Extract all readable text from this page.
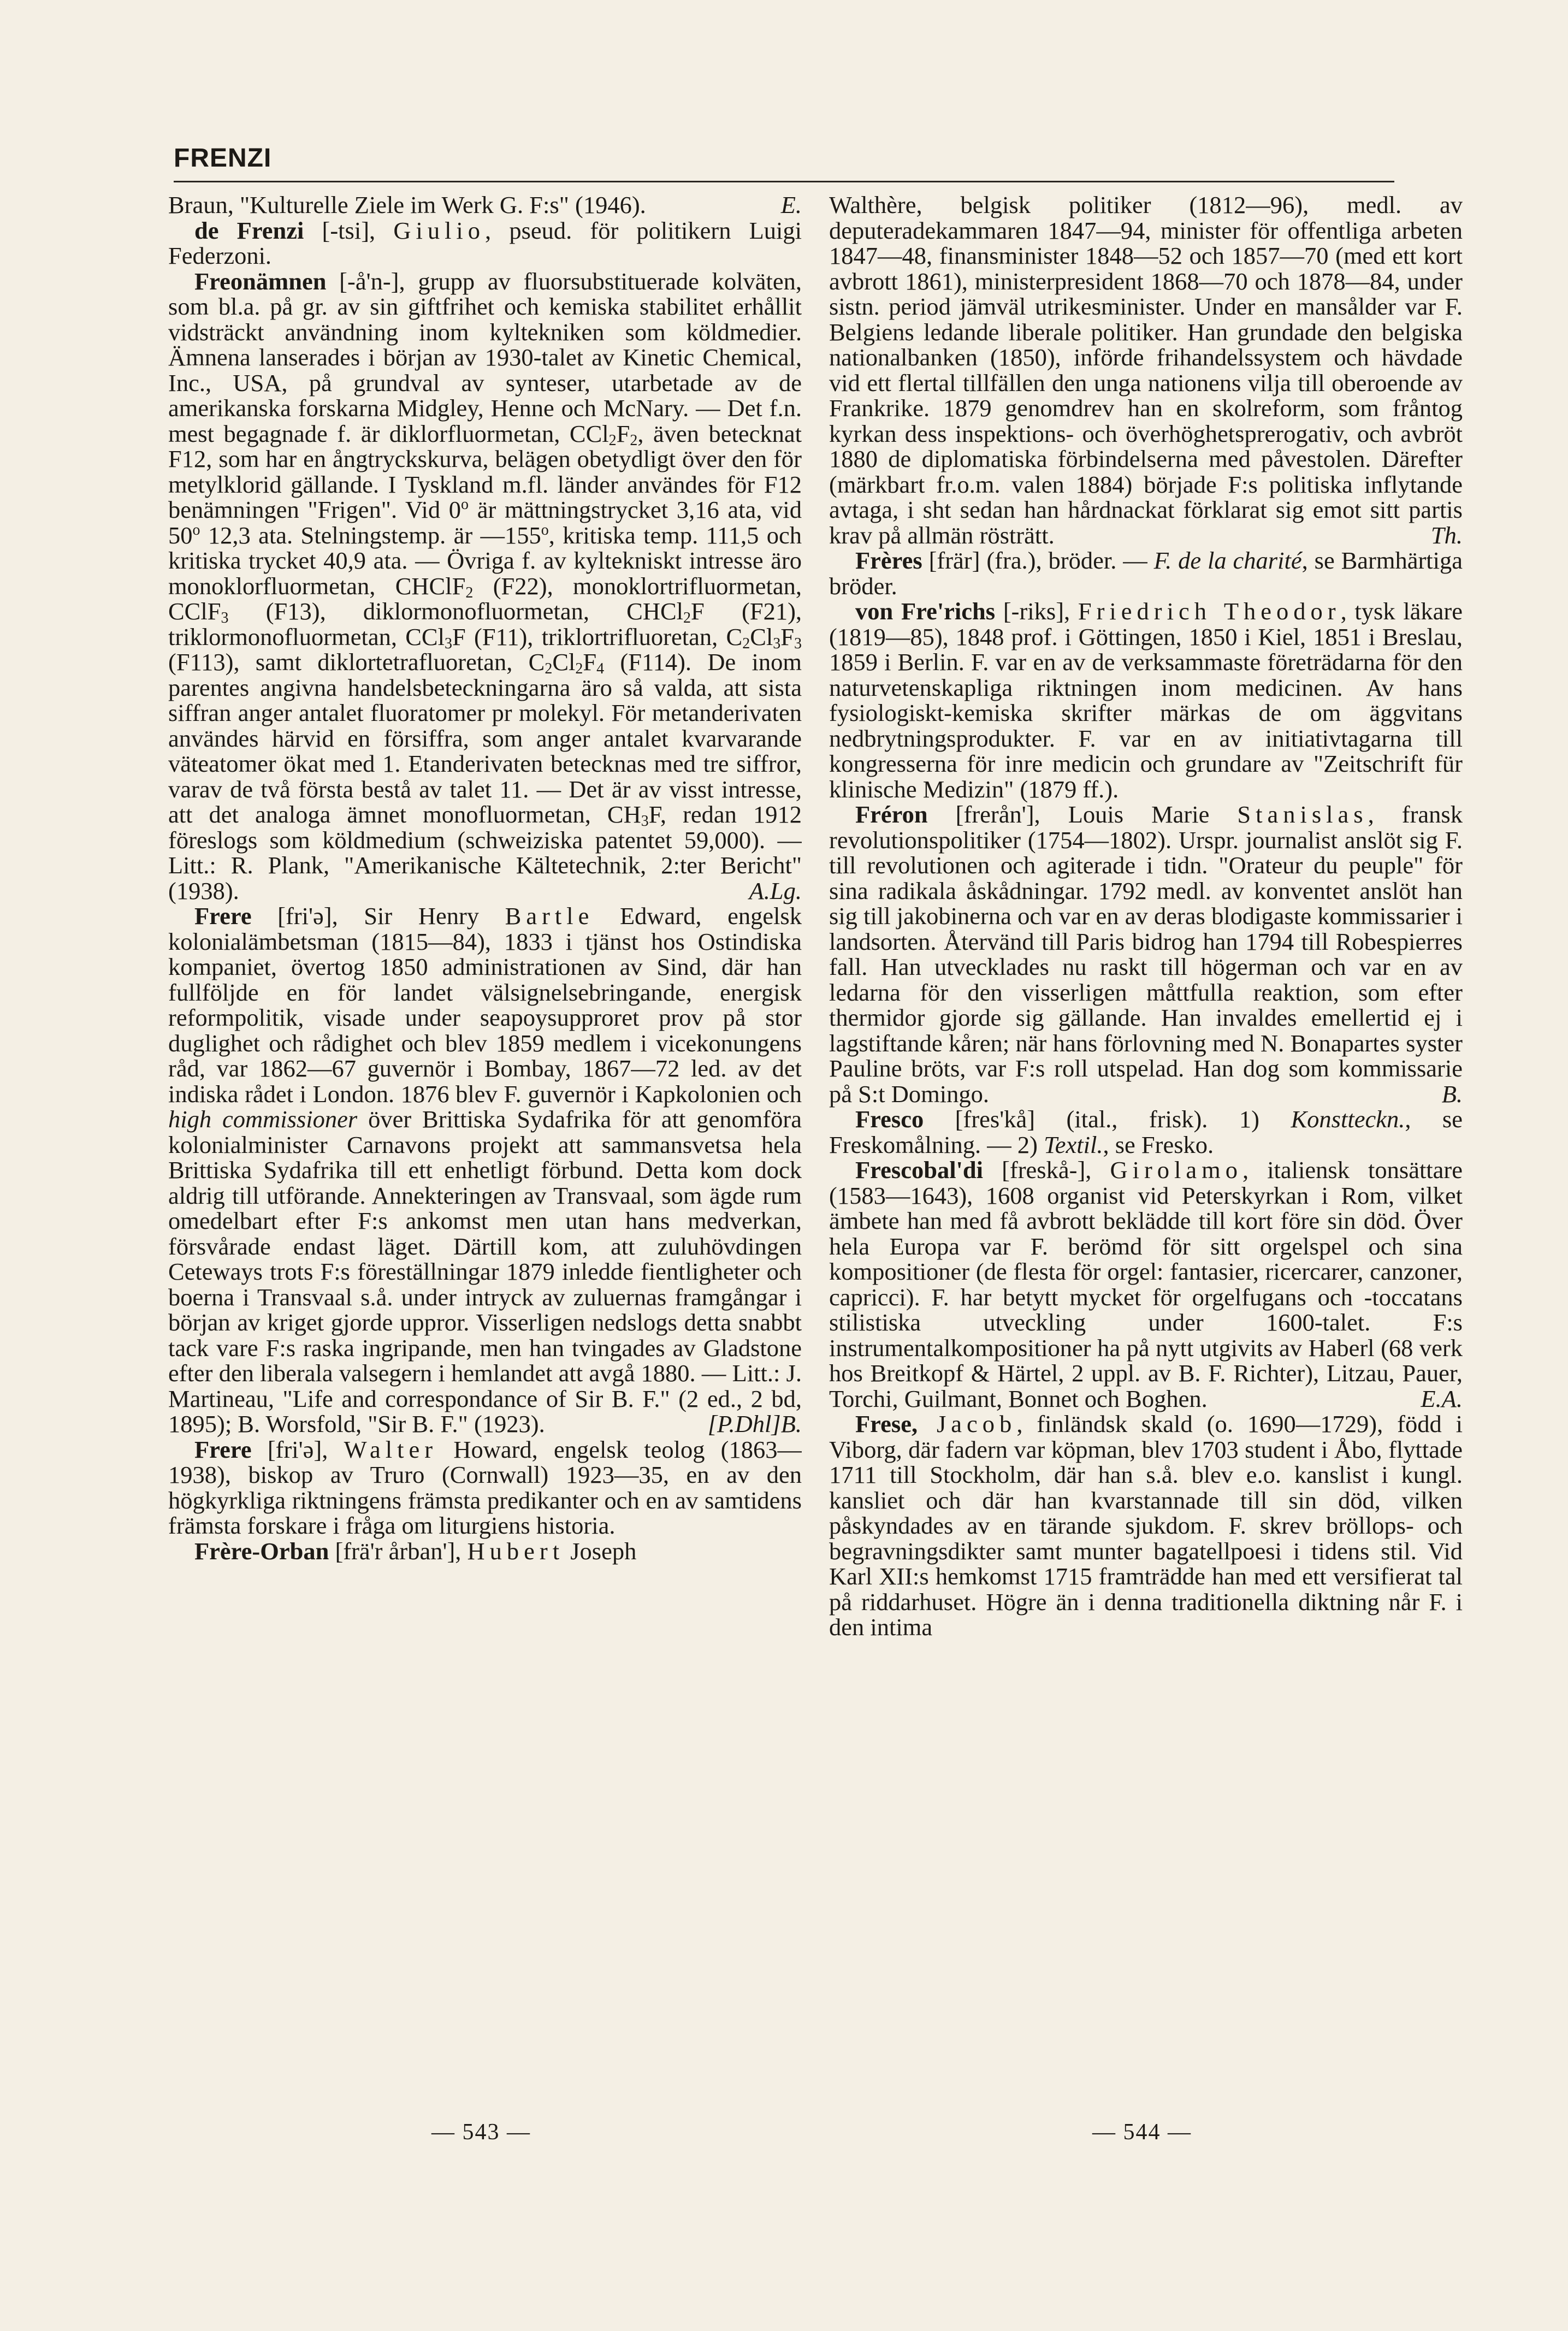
FRENZI

Braun, "Kulturelle Ziele im Werk G. F:s" (1946).	E.

de Frenzi [-tsi], Giulio, pseud. för politikern Luigi Federzoni.

Freonämnen [-å'n-], grupp av fluorsubstituerade kolväten, som bl.a. på gr. av sin giftfrihet och kemiska stabilitet erhållit vidsträckt användning inom kyltekniken som köldmedier. Ämnena lanserades i början av 1930-talet av Kinetic Chemical, Inc., USA, på grundval av synteser, utarbetade av de amerikanska forskarna Midgley, Henne och McNary. — Det f.n. mest begagnade f. är diklorfluormetan, $CCl_2F_2$, även betecknat F12, som har en ångtryckskurva, belägen obetydligt över den för metylklorid gällande. I Tyskland m.fl. länder användes för F12 benämningen "Frigen". Vid 0$^o$ är mättningstrycket 3,16 ata, vid 50$^o$ 12,3 ata. Stelningstemp. är —155$^o$, kritiska temp. 111,5 och kritiska trycket 40,9 ata. — Övriga f. av kyltekniskt intresse äro monoklorfluormetan, CHClF$_2$ (F22), monoklortrifluormetan, CClF$_3$ (F13), diklormonofluormetan, CHCl$_2$F (F21), triklormonofluormetan, CCl$_3$F (F11), triklortrifluoretan, $C_2Cl_3F_3$ (F113), samt diklortetrafluoretan, $C_2Cl_2F_4$ (F114). De inom parentes angivna handelsbeteckningarna äro så valda, att sista siffran anger antalet fluoratomer pr molekyl. För metanderivaten användes härvid en försiffra, som anger antalet kvarvarande väteatomer ökat med 1. Etanderivaten betecknas med tre siffror, varav de två första bestå av talet 11. — Det är av visst intresse, att det analoga ämnet monofluormetan, $CH_3F$, redan 1912 föreslogs som köldmedium (schweiziska patentet 59,000). — Litt.: R. Plank, "Amerikanische Kältetechnik, 2:ter Bericht" (1938).	A.Lg.

Frere [fri'ə], Sir Henry Bartle Edward, engelsk kolonialämbetsman (1815—84), 1833 i tjänst hos Ostindiska kompaniet, övertog 1850 administrationen av Sind, där han fullföljde en för landet välsignelsebringande, energisk reformpolitik, visade under seapoysupproret prov på stor duglighet och rådighet och blev 1859 medlem i vicekonungens råd, var 1862—67 guvernör i Bombay, 1867—72 led. av det indiska rådet i London. 1876 blev F. guvernör i Kapkolonien och high commissioner över Brittiska Sydafrika för att genomföra kolonialminister Carnavons projekt att sammansvetsa hela Brittiska Sydafrika till ett enhetligt förbund. Detta kom dock aldrig till utförande. Annekteringen av Transvaal, som ägde rum omedelbart efter F:s ankomst men utan hans medverkan, försvårade endast läget. Därtill kom, att zuluhövdingen Ceteways trots F:s föreställningar 1879 inledde fientligheter och boerna i Transvaal s.å. under intryck av zuluernas framgångar i början av kriget gjorde uppror. Visserligen nedslogs detta snabbt tack vare F:s raska ingripande, men han tvingades av Gladstone efter den liberala valsegern i hemlandet att avgå 1880. — Litt.: J. Martineau, "Life and correspondance of Sir B. F." (2 ed., 2 bd, 1895); B. Worsfold, "Sir B. F." (1923).	[P.Dhl]B.

Frere [fri'ə], Walter Howard, engelsk teolog (1863—1938), biskop av Truro (Cornwall) 1923—35, en av den högkyrkliga riktningens främsta predikanter och en av samtidens främsta forskare i fråga om liturgiens historia.

Frère-Orban [frä'r årban'], Hubert Joseph

Walthère, belgisk politiker (1812—96), medl. av deputeradekammaren 1847—94, minister för offentliga arbeten 1847—48, finansminister 1848—52 och 1857—70 (med ett kort avbrott 1861), ministerpresident 1868—70 och 1878—84, under sistn. period jämväl utrikesminister. Under en mansålder var F. Belgiens ledande liberale politiker. Han grundade den belgiska nationalbanken (1850), införde frihandelssystem och hävdade vid ett flertal tillfällen den unga nationens vilja till oberoende av Frankrike. 1879 genomdrev han en skolreform, som fråntog kyrkan dess inspektions- och överhöghetsprerogativ, och avbröt 1880 de diplomatiska förbindelserna med påvestolen. Därefter (märkbart fr.o.m. valen 1884) började F:s politiska inflytande avtaga, i sht sedan han hårdnackat förklarat sig emot sitt partis krav på allmän rösträtt.	Th.

Frères [frär] (fra.), bröder. — F. de la charité, se Barmhärtiga bröder.

von Fre'richs [-riks], Friedrich Theodor, tysk läkare (1819—85), 1848 prof. i Göttingen, 1850 i Kiel, 1851 i Breslau, 1859 i Berlin. F. var en av de verksammaste företrädarna för den naturvetenskapliga riktningen inom medicinen. Av hans fysiologiskt-kemiska skrifter märkas de om äggvitans nedbrytningsprodukter. F. var en av initiativtagarna till kongresserna för inre medicin och grundare av "Zeitschrift für klinische Medizin" (1879 ff.).

Fréron [frerån'], Louis Marie Stanislas, fransk revolutionspolitiker (1754—1802). Urspr. journalist anslöt sig F. till revolutionen och agiterade i tidn. "Orateur du peuple" för sina radikala åskådningar. 1792 medl. av konventet anslöt han sig till jakobinerna och var en av deras blodigaste kommissarier i landsorten. Återvänd till Paris bidrog han 1794 till Robespierres fall. Han utvecklades nu raskt till högerman och var en av ledarna för den visserligen måttfulla reaktion, som efter thermidor gjorde sig gällande. Han invaldes emellertid ej i lagstiftande kåren; när hans förlovning med N. Bonapartes syster Pauline bröts, var F:s roll utspelad. Han dog som kommissarie på S:t Domingo.	B.

Fresco [fres'kå] (ital., frisk). 1) Konstteckn., se Freskomålning. — 2) Textil., se Fresko.

Frescobal'di [freskå-], Girolamo, italiensk tonsättare (1583—1643), 1608 organist vid Peterskyrkan i Rom, vilket ämbete han med få avbrott beklädde till kort före sin död. Över hela Europa var F. berömd för sitt orgelspel och sina kompositioner (de flesta för orgel: fantasier, ricercarer, canzoner, capricci). F. har betytt mycket för orgelfugans och -toccatans stilistiska utveckling under 1600-talet. F:s instrumentalkompositioner ha på nytt utgivits av Haberl (68 verk hos Breitkopf & Härtel, 2 uppl. av B. F. Richter), Litzau, Pauer, Torchi, Guilmant, Bonnet och Boghen.	E.A.

Frese, Jacob, finländsk skald (o. 1690—1729), född i Viborg, där fadern var köpman, blev 1703 student i Åbo, flyttade 1711 till Stockholm, där han s.å. blev e.o. kanslist i kungl. kansliet och där han kvarstannade till sin död, vilken påskyndades av en tärande sjukdom. F. skrev bröllops- och begravningsdikter samt munter bagatellpoesi i tidens stil. Vid Karl XII:s hemkomst 1715 framträdde han med ett versifierat tal på riddarhuset. Högre än i denna traditionella diktning når F. i den intima

— 543 —	— 544 —
